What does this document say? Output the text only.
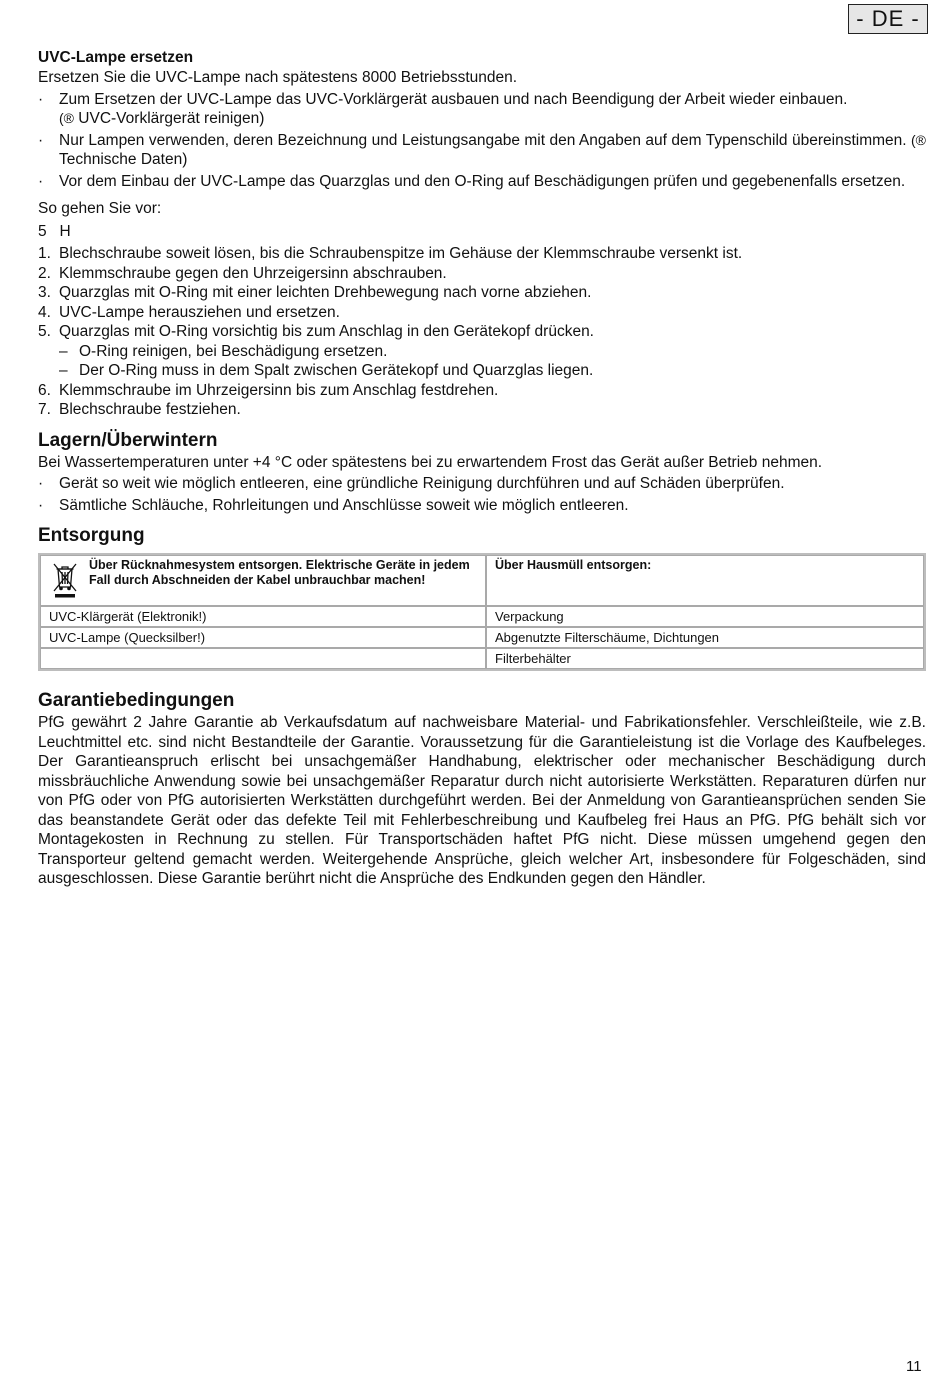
- DE -
UVC-Lampe ersetzen

Ersetzen Sie die UVC-Lampe nach spätestens 8000 Betriebsstunden.

· Zum Ersetzen der UVC-Lampe das UVC-Vorklärgerät ausbauen und nach Beendigung der Arbeit wieder einbauen.
(® UVC-Vorklärgerät reinigen)
· Nur Lampen verwenden, deren Bezeichnung und Leistungsangabe mit den Angaben auf dem Typenschild übereinstimmen. (® Technische Daten)
· Vor dem Einbau der UVC-Lampe das Quarzglas und den O-Ring auf Beschädigungen prüfen und gegebenenfalls ersetzen.

So gehen Sie vor:

5   H

1. Blechschraube soweit lösen, bis die Schraubenspitze im Gehäuse der Klemmschraube versenkt ist.
2. Klemmschraube gegen den Uhrzeigersinn abschrauben.
3. Quarzglas mit O-Ring mit einer leichten Drehbewegung nach vorne abziehen.
4. UVC-Lampe herausziehen und ersetzen.
5. Quarzglas mit O-Ring vorsichtig bis zum Anschlag in den Gerätekopf drücken.
– O-Ring reinigen, bei Beschädigung ersetzen.
– Der O-Ring muss in dem Spalt zwischen Gerätekopf und Quarzglas liegen.
6. Klemmschraube im Uhrzeigersinn bis zum Anschlag festdrehen.
7. Blechschraube festziehen.
Lagern/Überwintern

Bei Wassertemperaturen unter +4 °C oder spätestens bei zu erwartendem Frost das Gerät außer Betrieb nehmen.

· Gerät so weit wie möglich entleeren, eine gründliche Reinigung durchführen und auf Schäden überprüfen.
· Sämtliche Schläuche, Rohrleitungen und Anschlüsse soweit wie möglich entleeren.
Entsorgung
Über Rücknahmesystem entsorgen. Elektrische Geräte in jedem Fall durch Abschneiden der Kabel unbrauchbar machen!	Über Hausmüll entsorgen:

UVC-Klärgerät (Elektronik!)	Verpackung
UVC-Lampe (Quecksilber!)	Abgenutzte Filterschäume, Dichtungen
	Filterbehälter
Garantiebedingungen

PfG gewährt 2 Jahre Garantie ab Verkaufsdatum auf nachweisbare Material- und Fabrikationsfehler. Verschleißteile, wie z.B. Leuchtmittel etc. sind nicht Bestandteile der Garantie. Voraussetzung für die Garantieleistung ist die Vorlage des Kaufbeleges. Der Garantieanspruch erlischt bei unsachgemäßer Handhabung, elektrischer oder mechanischer Beschädigung durch missbräuchliche Anwendung sowie bei unsachgemäßer Reparatur durch nicht autorisierte Werkstätten. Reparaturen dürfen nur von PfG oder von PfG autorisierten Werkstätten durchgeführt werden. Bei der Anmeldung von Garantieansprüchen senden Sie das beanstandete Gerät oder das defekte Teil mit Fehlerbeschreibung und Kaufbeleg frei Haus an PfG. PfG behält sich vor Montagekosten in Rechnung zu stellen. Für Transportschäden haftet PfG nicht. Diese müssen umgehend gegen den Transporteur geltend gemacht werden. Weitergehende Ansprüche, gleich welcher Art, insbesondere für Folgeschäden, sind ausgeschlossen. Diese Garantie berührt nicht die Ansprüche des Endkunden gegen den Händler.

11
